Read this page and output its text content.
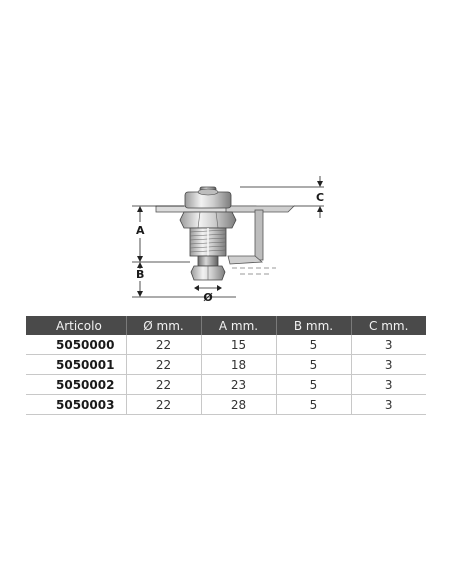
A
B
C
Ø
Articolo	Ø mm.	A mm.	B mm.	C mm.
5050000	22	15	5	3
5050001	22	18	5	3
5050002	22	23	5	3
5050003	22	28	5	3
